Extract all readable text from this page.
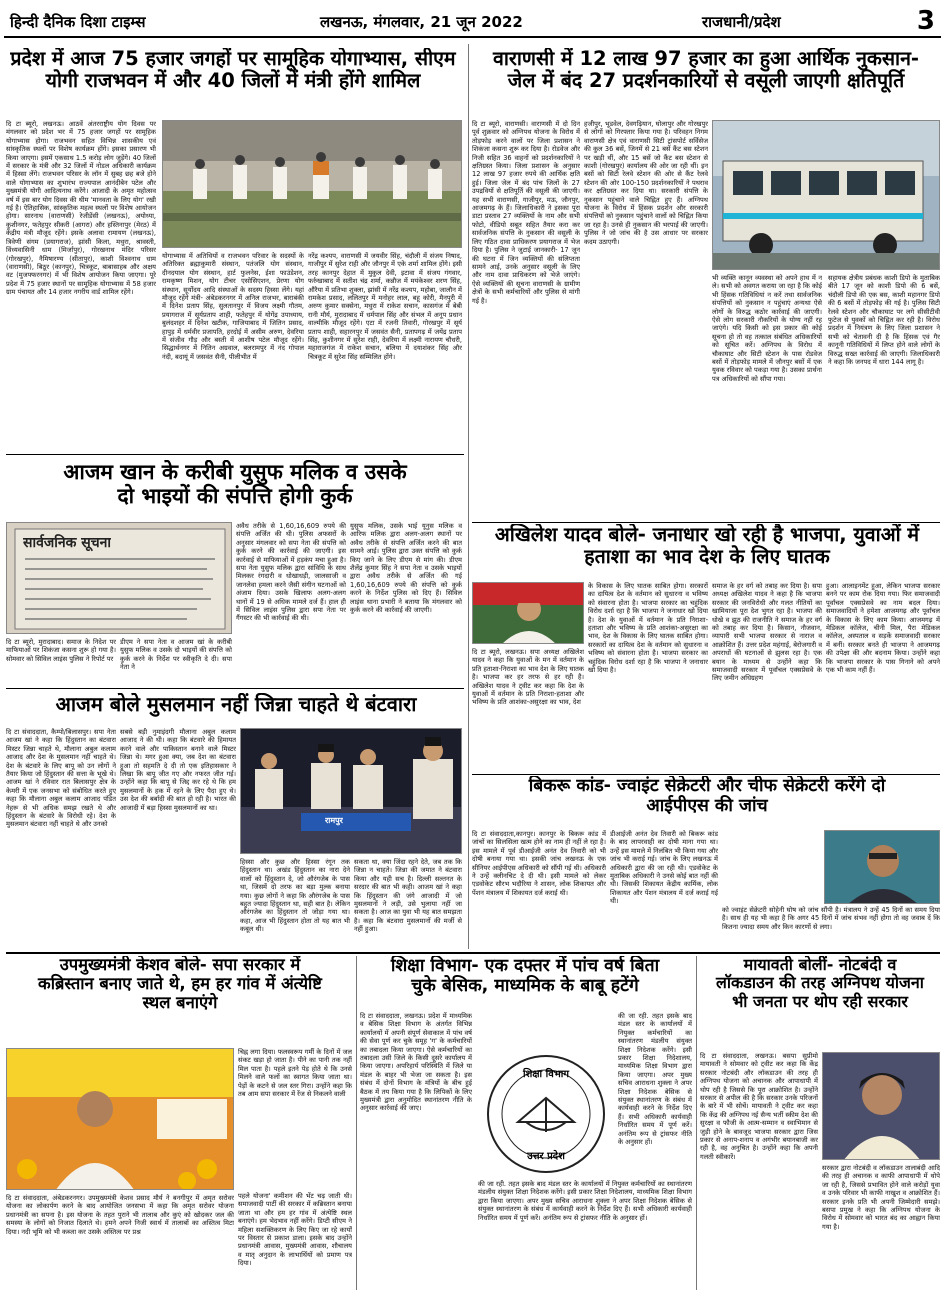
हिन्दी दैनिक दिशा टाइम्स	लखनऊ, मंगलवार, 21 जून 2022	राजधानी/प्रदेश	3
प्रदेश में आज 75 हजार जगहों पर सामूहिक योगाभ्यास, सीएम
योगी राजभवन में और 40 जिलों में मंत्री होंगे शामिल
दि टा ब्यूरो, लखनऊ। आठवें अंतरराष्ट्रीय योग दिवस पर मंगलवार को प्रदेश भर में 75 हजार जगहों पर सामूहिक योगाभ्यास होगा। राजभवन सहित विभिन्न शासकीय एवं सांस्कृतिक स्थलों पर विशेष कार्यक्रम होंगे। इसका प्रसारण भी किया जाएगा। इसमें एकसाथ 1.5 करोड़ लोग जुड़ेंगे। 40 जिलों में सरकार के मंत्री और 32 जिलों में नोडल अधिकारी कार्यक्रम में हिस्सा लेंगे। राजभवन परिसर के लॉन में सुबह छह बजे होने वाले योगाभ्यास का शुभारंभ राज्यपाल आनंदीबेन पटेल और मुख्यमंत्री योगी आदित्यनाथ करेंगे। आजादी के अमृत महोत्सव वर्ष में इस बार योग दिवस की थीम 'मानवता के लिए योग' रखी गई है। ऐतिहासिक, सांस्कृतिक महत्व स्थलों पर विशेष आयोजन होगा। सारनाथ (वाराणसी) रेजीडेंसी (लखनऊ), अयोध्या, कुशीनगर, फतेहपुर सीकरी (आगरा) और हस्तिनापुर (मेरठ) में केंद्रीय मंत्री मौजूद रहेंगे। इसके अलावा रामायण (लखनऊ), त्रिवेणी संगम (प्रयागराज), झांसी किला, मथुरा, श्रावस्ती, विंध्यवासिनी धाम (मिर्जापुर), गोरखनाथ मंदिर परिसर (गोरखपुर), नैमिषारण्य (सीतापुर), काशी विश्वनाथ धाम (वाराणसी), बिठूर (कानपुर), चित्रकूट, बाबासाहब और अक्षय वट (मुजफ्फरनगर) में भी विशेष आयोजन किया जाएगा। पूरे प्रदेश में 75 हजार स्थानों पर सामूहिक योगाभ्यास में 58 हजार ग्राम पंचायत और 14 हजार नगरीय वार्ड शामिल रहेंगे।
योगाभ्यास में अतिथियों व राजभवन परिवार के सदस्यों के अतिरिक्त ब्रह्माकुमारी संस्थान, पतंजलि योग संस्थान, दीनदयाल योग संस्थान, हार्ट फुलनेस, ईशा फाउंडेशन, रामकृष्ण मिशन, योग टीचर एसोसिएशन, प्रेरणा योग संस्थान, सूर्योदय आदि संस्थाओं के सदस्य हिस्सा लेंगे। यहां मौजूद रहेंगे मंत्री- अंबेडकरनगर में अनिल राजभर, बाराबंकी में दिनेश प्रताप सिंह, सुलतानपुर में विजय लक्ष्मी गौतम, प्रयागराज में सूर्यप्रताप शाही, फतेहपुर में योगेंद्र उपाध्याय, बुलंदशहर में दिनेश खटीक, गाजियाबाद में जितिन प्रसाद, हापुड़ में धर्मवीर प्रजापति, हरदोई में असीम अरुण, देवरिया में संजीव गौड़ और बस्ती में आशीष पटेल मौजूद रहेंगे। सिद्धार्थनगर में नितिन अग्रवाल, बलरामपुर में नंद गोपाल नंदी, बदायूं में जसवंत सैनी, पीलीभीत में
नरेंद्र कश्यप, वाराणसी में जयवीर सिंह, चंदौली में संजय निषाद, गाजीपुर में सुरेश राही और जौनपुर में एके शर्मा शामिल होंगे। इसी तरह कानपुर देहात में मुकुल देवी, इटावा में संजय गंगवार, फर्रुखाबाद में सतीश चंद्र शर्मा, कन्नौज में मयंकेश्वर शरण सिंह, औरैया में प्रतिभा शुक्ला, झांसी में नरेंद्र कश्यप, महोबा, जालौन में रामकेश प्रसाद, ललितपुर में मनोहर लाल, बहू कोरी, मैनपुरी में अरुण कुमार सक्सेना, मथुरा में राकेश सचान, कासगंज में बेबी रानी मौर्य, मुरादाबाद में धर्मपाल सिंह और संभल में अनूप प्रधान वाल्मीकि मौजूद रहेंगे। एटा में रजनी तिवारी, गोरखपुर में सूर्य प्रताप शाही, सहारनपुर में जसवंत सैनी, प्रतापगढ़ में जयेंद्र प्रताप सिंह, कुशीनगर में सुरेश राही, देवरिया में लक्ष्मी नारायण चौधरी, महाराजगंज में राकेश सचान, बलिया में दयाशंकर सिंह और चित्रकूट में सुरेश सिंह सम्मिलित होंगे।
आजम खान के करीबी युसुफ मलिक व उसके
दो भाइयों की संपत्ति होगी कुर्क
सार्वजनिक सूचना
दि टा ब्यूरो, मुरादाबाद। समाज के निदेश पर माफियाओं पर शिकंजा कसना शुरू हो गया है। सोमवार को सिविल लाइंस पुलिस ने रिपोर्ट पर
डीएम ने सपा नेता व आजम खां के करीबी युसुफ मलिक व उसके दो भाइयों की संपत्ति को कुर्क करने के निर्देश पर स्वीकृति दे दी। सपा नेता ने
अवैध तरीके से 1,60,16,609 रुपये की संपत्ति अर्जित की थी। पुलिस अफसरों के अनुसार मंगलवार को सपा नेता की संपत्ति को कुर्क करने की कार्रवाई की जाएगी। इस कार्रवाई से माफियाओं में हड़कंप मचा हुआ है। सपा नेता युसुफ मलिक द्वारा सांविधि के साथ मिलकर रंगदारी व धोखाधड़ी, जालसाजी व जानलेवा हमला करने जैसी संगीन घटनाओं को अंजाम दिया। उसके खिलाफ अलग-अलग थानों में 19 से अधिक मामले दर्ज हैं। हाल ही में सिविल लाइंस पुलिस द्वारा सपा नेता पर गैंगस्टर की भी कार्रवाई की थी।
युसुफ मलिक, उसके भाई यूनुस मलिक व आरिफ मलिक द्वारा अलग-अलग स्थानों पर अवैध तरीके से संपत्ति अर्जित करने की बात सामने आई। पुलिस द्वारा उक्त संपत्ति को कुर्क किए जाने के लिए डीएम से मांग की। डीएम शैलेंद्र कुमार सिंह ने सपा नेता व उसके भाइयों द्वारा अवैध तरीके से अर्जित की गई 1,60,16,609 रुपये की संपत्ति को कुर्क करने के निर्देश पुलिस को दिए हैं। सिविल लाइंस थाना प्रभारी ने बताया कि मंगलवार को कुर्क करने की कार्रवाई की जाएगी।
आजम बोले मुसलमान नहीं जिन्ना चाहते थे बंटवारा
दि टा संवाददाता, कैम्पो/बिलासपुर। सपा नेता आजम खां ने कहा कि हिंदुस्तान का बंटवारा मिस्टर जिन्ना चाहते थे, मौलाना अबुल कलाम आजाद और देश के मुसलमान नहीं चाहते थे। देश के बंटवारे के लिए बापू को उन लोगों ने तैयार किया जो हिंदुस्तान की सत्ता के भूखे थे। आजम खां ने रविवार रात बिलासपुर क्षेत्र के केमरी में एक जनसभा को संबोधित करते हुए कहा कि मौलाना अबुल कलाम आजाद पंडित नेहरू से भी अधिक समझ रखते थे और हिंदुस्तान के बंटवारे के विरोधी रहे। देश के मुसलमान बंटवारा नहीं चाहते थे और उनको
सबसे बड़ी नुमाइंदगी मौलाना अबुल कलाम आजाद ने की थी। कहा कि बंटवारे की हिमायत करने वाले और पाकिस्तान बनाने वाले मिस्टर जिन्ना थे। मगर हुआ क्या, जब देश का बंटवारा हुआ तो सहमति दे दी तो एक इतिहासकार ने लिखा कि बापू जीत गए और नफरत जीत गई। उन्होंने कहा कि बापू से जिद्द कर रहे थे कि हम मुसलमानों के हक में रहने के लिए पैदा हुए थे। उस देश की बर्बादी की बात हो रही है। भारत की आजादी में बड़ा हिस्सा मुसलमानों का था।
रामपुर
हिस्सा और कुछ और हिस्सा रंगून तक हिंदुस्तान था। अखंड हिंदुस्तान का नारा देने वालों को हिंदुस्तान दे, जो औरंगजेब के पास था, जिसमें दो तरफ का बड़ा मुल्क बनाया गया। कुछ लोगों ने कहा कि औरंगजेब के पास बहुत ज्यादा हिंदुस्तान था, सही बात है। लेकिन औरंगजेब का हिंदुस्तान तो जोड़ा गया था। कहा, आज भी हिंदुस्तान होता तो यह बात भी कबूल थी।
सकता था, क्या जिंदा रहने देते, जब तक कि जिन्ना न चाहते। जिन्ना की जमात ने बंटवारा किया और यही सच है। दिल्ली सल्तनत के सरदार की बात भी कही। आजम खां ने कहा कि हिंदुस्तान की जंगे आजादी में जो मुसलमानों ने लड़ी, उसे भुलाया नहीं जा सकता है। आज का युवा भी यह बात समझता है। कहा कि बंटवारा मुसलमानों की मर्जी से नहीं हुआ।
वाराणसी में 12 लाख 97 हजार का हुआ आर्थिक नुकसान-
जेल में बंद 27 प्रदर्शनकारियों से वसूली जाएगी क्षतिपूर्ति
दि टा ब्यूरो, वाराणसी। वाराणसी में दो दिन पूर्व शुक्रवार को अग्निपथ योजना के विरोध में तोड़फोड़ करने वालों पर जिला प्रशासन ने शिकंजा कसना शुरू कर दिया है। रोडवेज और निजी सहित 36 वाहनों को प्रदर्शनकारियों ने क्षतिग्रस्त किया। जिला प्रशासन के अनुसार 12 लाख 97 हजार रुपये की आर्थिक क्षति हुई। जिला जेल में बंद पांच जिलों के 27 उपद्रवियों से क्षतिपूर्ति की वसूली की जाएगी। यह सभी वाराणसी, गाजीपुर, मऊ, जौनपुर, आजमगढ़ के हैं। जिलाधिकारी ने इसका पूरा डाटा प्रस्ताव 27 व्यक्तियों के नाम और सभी फोटो, वीडियो सबूत सहित तैयार करा कर सार्वजनिक संपत्ति के नुकसान की वसूली के लिए गठित दावा प्राधिकरण प्रयागराज में भेज दिया है। पुलिस ने जुटाई जानकारी- 17 जून की घटना में जिन व्यक्तियों की संलिप्तता सामने आई, उनके अनुसार वसूली के लिए और नाम दावा प्राधिकरण को भेजे जाएंगे। ऐसे व्यक्तियों की सूचना वाराणसी के ग्रामीण क्षेत्रों के सभी कर्मचारियों और पुलिस से मांगी गई है।
हजीपुर, भूडवेल, देवगढ़ियान, घोलापुर और गोरखपुर से लोगों को गिरफ्तार किया गया है। परिवहन निगम वाराणसी क्षेत्र एवं वाराणसी सिटी ट्रांसपोर्ट सर्विसेज की कुल 36 बसें, जिनमें से 21 बसें कैंट बस स्टेशन पर खड़ी थीं, और 15 बसें जो कैंट बस स्टेशन से काशी (गोरखपुर) कार्यालय की ओर जा रही थीं। इन बसों को सिटी रेलवे स्टेशन की ओर से कैंट रेलवे स्टेशन की ओर 100-150 प्रदर्शनकारियों ने पथराव कर क्षतिग्रस्त कर दिया था। सरकारी संपत्ति के नुकसान पहुंचाने वाले चिह्नित हुए हैं। अग्निपथ योजना के विरोध में हिंसक प्रदर्शन और सरकारी संपत्तियों को नुकसान पहुंचाने वालों को चिह्नित किया जा रहा है। उनसे ही नुकसान की भरपाई की जाएगी। पुलिस ने जो जांच की है उस आधार पर सरकार कदम उठाएगी।
भी व्यक्ति कानून व्यवस्था को अपने हाथ में न ले। सभी को अवगत कराया जा रहा है कि कोई भी हिंसक गतिविधियां न करें तथा सार्वजनिक संपत्तियों को नुकसान न पहुंचाएं अन्यथा ऐसे लोगों के विरुद्ध कठोर कार्रवाई की जाएगी। ऐसे लोग सरकारी नौकरियों के योग्य नहीं रह जाएंगे। यदि किसी को इस प्रकार की कोई सूचना हो तो वह तत्काल संबंधित अधिकारियों को सूचित करें। अग्निपथ के विरोध में चौकाघाट और सिटी स्टेशन के पास रोडवेज बसों में तोड़फोड़ मामले में जौनपुर बसों में एक युवक रविवार को पकड़ा गया है। उसका प्रार्थना पत्र अधिकारियों को सौंपा गया।
सहायक क्षेत्रीय प्रबंधक काशी डिपो के मुताबिक बीते 17 जून को काशी डिपो की 6 बसें, चंदौली डिपो की एक बस, काशी महानगर डिपो की 6 बसों में तोड़फोड़ की गई है। पुलिस सिटी रेलवे स्टेशन और चौकाघाट पर लगे सीसीटीवी फुटेज से युवकों को चिह्नित कर रही है। विरोध प्रदर्शन में नियंत्रण के लिए जिला प्रशासन ने सभी को चेतावनी दी है कि हिंसक एवं गैर कानूनी गतिविधियों में लिप्त होने वाले लोगों के विरुद्ध सख्त कार्रवाई की जाएगी। जिलाधिकारी ने कहा कि जनपद में धारा 144 लागू है।
अखिलेश यादव बोले- जनाधार खो रही है भाजपा, युवाओं में
हताशा का भाव देश के लिए घातक
दि टा ब्यूरो, लखनऊ। सपा अध्यक्ष अखिलेश यादव ने कहा कि युवाओं के मन में वर्तमान के प्रति हताशा-निराशा का भाव देश के लिए घातक है। भाजपा कर हर तरफ से हर रही है। अखिलेश यादव ने ट्वीट कर कहा कि देश के युवाओं में वर्तमान के प्रति निराशा-हताशा और भविष्य के प्रति आशंका-असुरक्षा का भाव, देश
के विकास के लिए घातक साबित होगा। सरकारों का दायित्व देश के वर्तमान को सुधारना व भविष्य को संवारना होता है। भाजपा सरकार का चहुंदिक विरोध दर्शा रहा है कि भाजपा ने जनाधार खो दिया है। देश के युवाओं में वर्तमान के प्रति निराशा-हताशा और भविष्य के प्रति आशंका-असुरक्षा का भाव, देश के विकास के लिए घातक साबित होगा। सरकारों का दायित्व देश के वर्तमान को सुधारना व भविष्य को संवारना होता है। भाजपा सरकार का चहुंदिक विरोध दर्शा रहा है कि भाजपा ने जनाधार खो दिया है।
समाज के हर वर्ग को तबाह कर दिया है। सपा अध्यक्ष अखिलेश यादव ने कहा है कि भाजपा सरकार की जनविरोधी और गलत नीतियों का खामियाजा पूरा देश भुगत रहा है। भाजपा की धोखे व झूठ की राजनीति ने समाज के हर वर्ग को तबाह कर दिया है। किसान, नौजवान, व्यापारी सभी भाजपा सरकार से नाराज व आक्रोशित हैं। उत्तर प्रदेश महंगाई, बेरोजगारी व अपराधों की घटनाओं से झुलस रहा है। एक बयान के माध्यम से उन्होंने कहा कि समाजवादी सरकार में पूर्वांचल एक्सप्रेसवे के लिए जमीन अधिग्रहण
हुआ। आलाइनमेंट हुआ, लेकिन भाजपा सरकार बनने पर काम रोक दिया गया। फिर समाजवादी पूर्वांचल एक्सप्रेसवे का नाम बदल दिया। समाजवादियों ने हमेशा आजमगढ़ और पूर्वांचल के विकास के लिए काम किया। आजमगढ़ में मेडिकल कॉलेज, चीनी मिल, पैरा मेडिकल कॉलेज, अस्पताल व सड़कें समाजवादी सरकार में बनीं। सरकार बनते ही भाजपा ने आजमगढ़ की उपेक्षा की और बदनाम किया। उन्होंने कहा कि भाजपा सरकार के पास गिनाने को अपने एक भी काम नहीं हैं।
बिकरू कांड- ज्वाइंट सेक्रेटरी और चीफ सेक्रेटरी करेंगे दो
आईपीएस की जांच
दि टा संवाददाता,कानपुर। कानपुर के बिकरू कांड में जांचों का सिलसिला खत्म होने का नाम ही नहीं ले रहा है। इस मामले में पूर्व डीआईजी अनंत देव तिवारी को भी दोषी बनाया गया था। इसकी जांच लखनऊ के एक सीनियर आईपीएस अधिकारी को सौंपी गई थी। अधिकारी ने उन्हें क्लीनचिट दे दी थी। इसी मामले को लेकर एडवोकेट सौरभ भदौरिया ने शासन, लोक शिकायत और पेंशन मंत्रालय में शिकायत दर्ज कराई थी।
डीआईजी अनंत देव तिवारी को बिकरू कांड के बाद लापरवाही का दोषी माना गया था। उन्हें इस मामले में निलंबित भी किया गया और जांच भी कराई गई। जांच के लिए लखनऊ में अधिकारी द्वारा की जा रही थी। एडवोकेट के मुताबिक अधिकारी ने उनसे कोई बात नहीं की थी। जिसकी शिकायत केंद्रीय कार्मिक, लोक शिकायत और पेंशन मंत्रालय में दर्ज कराई गई थी।
को ज्वाइंट सेक्रेटरी सोहेनी घोष को जांच सौंपी है। मंत्रालय ने उन्हें 45 दिनों का समय दिया है। साथ ही यह भी कहा है कि अगर 45 दिनों में जांच संभव नहीं होगा तो वह जवाब दें कि कितना ज्यादा समय और किन कारणों से लगा।
उपमुख्यमंत्री केशव बोले- सपा सरकार में
कब्रिस्तान बनाए जाते थे, हम हर गांव में अंत्येष्टि
स्थल बनाएंगे
दि टा संवाददाता, अंबेडकरनगर। उपमुख्यमंत्री केशव प्रसाद मौर्य ने बनगीपुर में अमृत सरोवर योजना का लोकार्पण करने के बाद आयोजित जनसभा में कहा कि अमृत सरोवर योजना प्रधानमंत्री का सपना है। इस योजना के तहत पुराने भी तालाब और कुएं को खोदकर जल की समस्या के लोगों को निजात दिलाते थे। हमने अपने निजी स्वार्थ में तालाबों का अस्तित्व मिटा दिया। नदी भूमि को भी कब्जा कर उसके अस्तित्व पर प्रश्न
चिह्न लगा दिया। फलस्वरूप गर्मी के दिनों में जल संकट खड़ा हो जाता है। पीने का पानी तक नहीं मिल पाता है। पहले इतने पेड़ होते थे कि उनसे मिलने वाले फलों का स्वागत किया जाता था। पेड़ों के कटने से जल स्तर गिरा। उन्होंने कहा कि तब आम सपा सरकार में रेंज से निकलने वाली
पहले योजना' कमीशन की भेंट चढ़ जाती थी। समाजवादी पार्टी की सरकार में कब्रिस्तान बनाया जाता था और हम हर गांव में अंत्येष्टि स्थल बनाएंगे। हम भेदभाव नहीं करेंगे। डिप्टी सीएम ने महिला सशक्तिकरण के लिए किए जा रहे कार्यों पर विस्तार से प्रकाश डाला। इसके बाद उन्होंने प्रधानमंत्री आवास, मुख्यमंत्री आवास, शौचालय व मातृ अनुदान के लाभार्थियों को प्रमाण पत्र दिया।
शिक्षा विभाग- एक दफ्तर में पांच वर्ष बिता
चुके बेसिक, माध्यमिक के बाबू हटेंगे
दि टा संवाददाता, लखनऊ। प्रदेश में माध्यमिक व बेसिक शिक्षा विभाग के अंतर्गत विभिन्न कार्यालयों में अपनी संपूर्ण सेवाकाल में पांच वर्ष की सेवा पूर्ण कर चुके समूह 'ग' के कर्मचारियों का तबादला किया जाएगा। ऐसे कर्मचारियों का तबादला उसी जिले के किसी दूसरे कार्यालय में किया जाएगा। अपरिहार्य परिस्थिति में जिले या मंडल के बाहर भी भेजा जा सकता है। इस संबंध में दोनों विभाग के मंत्रियों के बीच हुई बैठक में तय किया गया है कि लिपिकों के लिए मुख्यमंत्री द्वारा अनुमोदित स्थानांतरण नीति के अनुसार कार्रवाई की जाए।
शिक्षा विभाग
उत्तर प्रदेश
की जा रही. तहत इसके बाद मंडल स्तर के कार्यालयों में नियुक्त कर्मचारियों का स्थानांतरण मंडलीय संयुक्त शिक्षा निदेशक करेंगे। इसी प्रकार शिक्षा निदेशालय, माध्यमिक शिक्षा विभाग द्वारा किया जाएगा। अपर मुख्य सचिव आराधना शुक्ला ने अपर शिक्षा निदेशक बेसिक से संयुक्त स्थानांतरण के संबंध में कार्यवाही करने के निर्देश दिए हैं। सभी अधिकारी कार्यवाही निर्धारित समय में पूर्ण करें। अनंतिम रूप से ट्रांसफर नीति के अनुसार हों।
की जा रही. तहत इसके बाद मंडल स्तर के कार्यालयों में नियुक्त कर्मचारियों का स्थानांतरण मंडलीय संयुक्त शिक्षा निदेशक करेंगे। इसी प्रकार शिक्षा निदेशालय, माध्यमिक शिक्षा विभाग द्वारा किया जाएगा। अपर मुख्य सचिव आराधना शुक्ला ने अपर शिक्षा निदेशक बेसिक से संयुक्त स्थानांतरण के संबंध में कार्यवाही करने के निर्देश दिए हैं। सभी अधिकारी कार्यवाही निर्धारित समय में पूर्ण करें। अनंतिम रूप से ट्रांसफर नीति के अनुसार हों।
मायावती बोलीं- नोटबंदी व
लॉकडाउन की तरह अग्निपथ योजना
भी जनता पर थोप रही सरकार
दि टा संवाददाता, लखनऊ। बसपा सुप्रीमो मायावती ने सोमवार को ट्वीट कर कहा कि केंद्र सरकार नोटबंदी और लॉकडाउन की तरह ही अग्निपथ योजना को अचानक और आपाधापी में थोप रही है जिससे कि पूरा आक्रोशित है। उन्होंने सरकार से अपील की है कि सरकार उनके परिजनों के बारे में भी सोचें। मायावती ने ट्वीट कर कहा कि केंद्र की अग्निपथ नई सैन्य भर्ती स्कीम देश की सुरक्षा व फौजी के आत्म-सम्मान व स्वाभिमान से जुड़ी होने के बावजूद भाजपा सरकार द्वारा जिस प्रकार से अनाप-शनाप व अगंभीर बयानबाजी कर रही है, वह अनुचित है। उन्होंने कहा कि अपनी गलती स्वीकारें।
सरकार द्वारा नोटबंदी व लॉकडाउन तालाबंदी आदि की तरह ही अचानक व काफी आपाधापी में थोपे जा रही है, जिससे प्रभावित होने वाले करोड़ों युवा व उनके परिवार भी काफी नाखुश व आक्रोशित हैं। सरकार इनके प्रति भी अपनी जिम्मेदारी समझे। बसपा प्रमुख ने कहा कि अग्निपथ योजना के विरोध में सोमवार को भारत बंद का आह्वान किया गया है।
